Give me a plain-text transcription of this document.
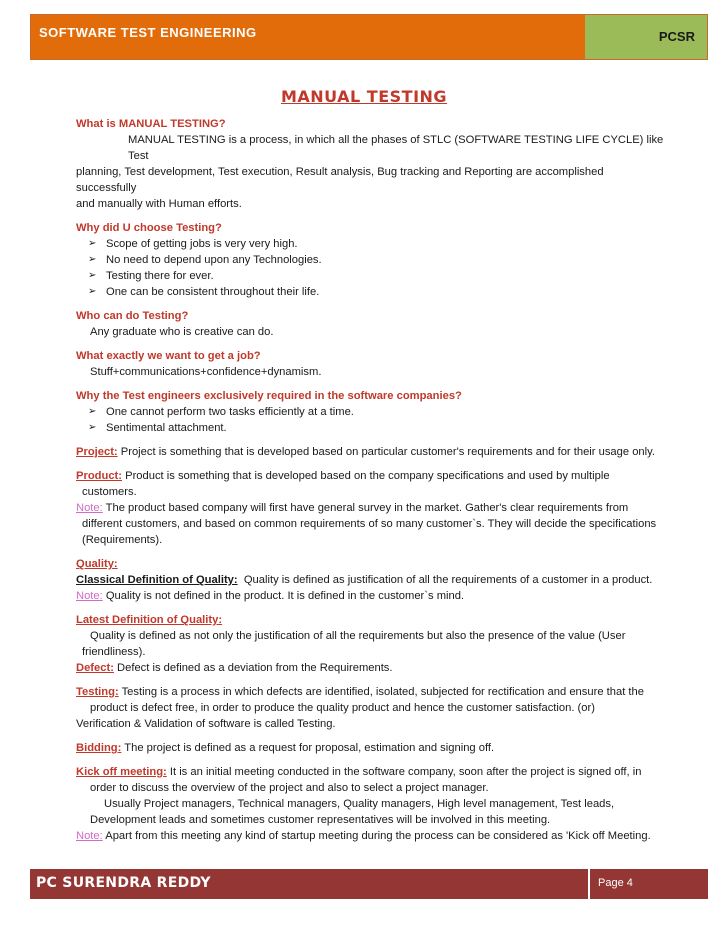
SOFTWARE TEST ENGINEERING	PCSR
MANUAL TESTING
What is MANUAL TESTING?
MANUAL TESTING is a process, in which all the phases of STLC (SOFTWARE TESTING LIFE CYCLE) like Test
planning, Test development, Test execution, Result analysis, Bug tracking and Reporting are accomplished successfully
and manually with Human efforts.
Why did U choose Testing?
➢ Scope of getting jobs is very very high.
➢ No need to depend upon any Technologies.
➢ Testing there for ever.
➢ One can be consistent throughout their life.
Who can do Testing?
Any graduate who is creative can do.
What exactly we want to get a job?
Stuff+communications+confidence+dynamism.
Why the Test engineers exclusively required in the software companies?
➢ One cannot perform two tasks efficiently at a time.
➢ Sentimental attachment.
Project: Project is something that is developed based on particular customer's requirements and for their usage only.
Product: Product is something that is developed based on the company specifications and used by multiple
customers.
Note: The product based company will first have general survey in the market. Gather's clear requirements from
different customers, and based on common requirements of so many customer`s. They will decide the specifications
(Requirements).
Quality:
Classical Definition of Quality: Quality is defined as justification of all the requirements of a customer in a product.
Note: Quality is not defined in the product. It is defined in the customer`s mind.
Latest Definition of Quality:
Quality is defined as not only the justification of all the requirements but also the presence of the value (User
friendliness).
Defect: Defect is defined as a deviation from the Requirements.
Testing: Testing is a process in which defects are identified, isolated, subjected for rectification and ensure that the
product is defect free, in order to produce the quality product and hence the customer satisfaction. (or)
Verification & Validation of software is called Testing.
Bidding: The project is defined as a request for proposal, estimation and signing off.
Kick off meeting: It is an initial meeting conducted in the software company, soon after the project is signed off, in
order to discuss the overview of the project and also to select a project manager.
Usually Project managers, Technical managers, Quality managers, High level management, Test leads,
Development leads and sometimes customer representatives will be involved in this meeting.
Note: Apart from this meeting any kind of startup meeting during the process can be considered as 'Kick off Meeting.
PC SURENDRA REDDY	Page 4
